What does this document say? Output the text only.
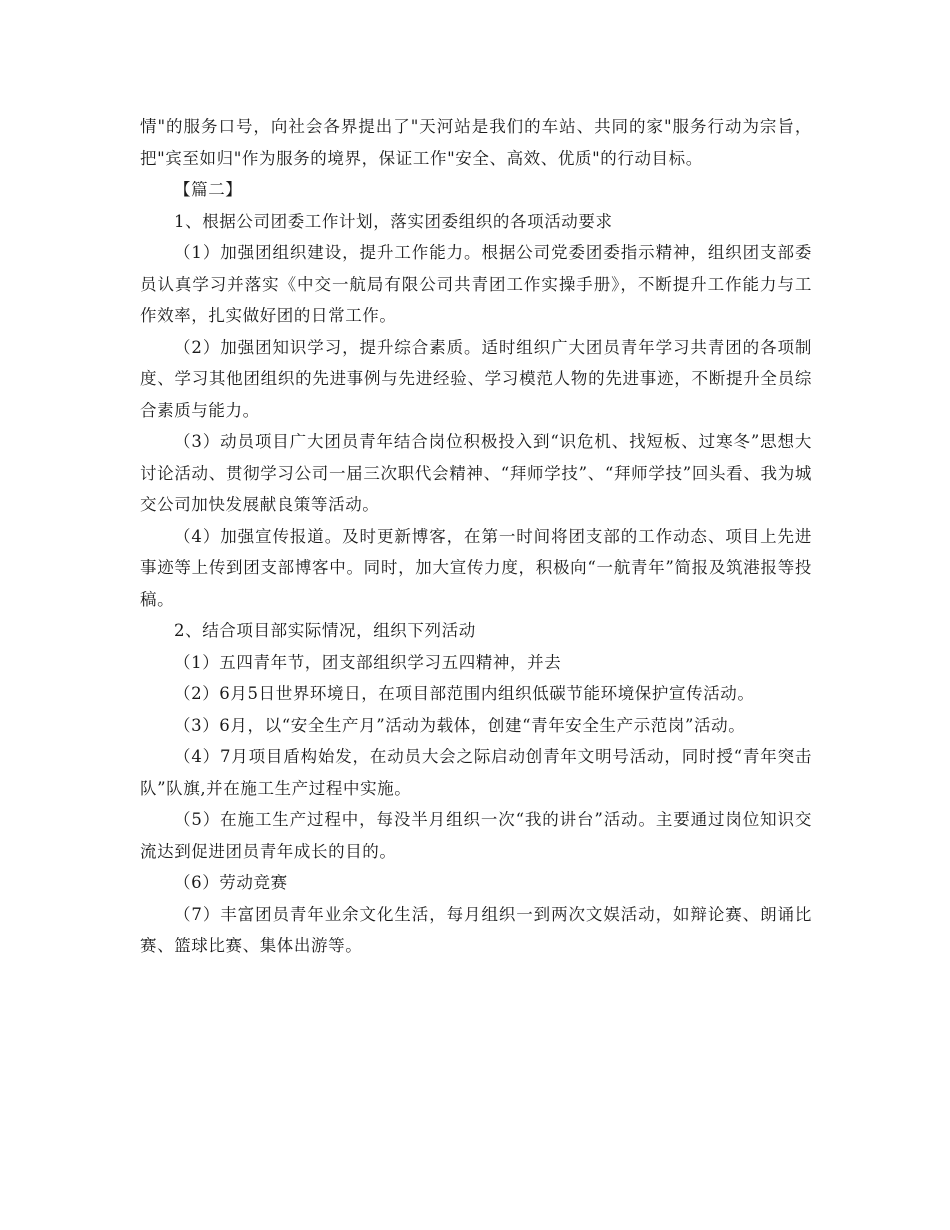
情"的服务口号，向社会各界提出了"天河站是我们的车站、共同的家"服务行动为宗旨，把"宾至如归"作为服务的境界，保证工作"安全、高效、优质"的行动目标。

【篇二】

1、根据公司团委工作计划，落实团委组织的各项活动要求

（1）加强团组织建设，提升工作能力。根据公司党委团委指示精神，组织团支部委员认真学习并落实《中交一航局有限公司共青团工作实操手册》，不断提升工作能力与工作效率，扎实做好团的日常工作。

（2）加强团知识学习，提升综合素质。适时组织广大团员青年学习共青团的各项制度、学习其他团组织的先进事例与先进经验、学习模范人物的先进事迹，不断提升全员综合素质与能力。

（3）动员项目广大团员青年结合岗位积极投入到“识危机、找短板、过寒冬”思想大讨论活动、贯彻学习公司一届三次职代会精神、“拜师学技”、“拜师学技”回头看、我为城交公司加快发展献良策等活动。

（4）加强宣传报道。及时更新博客，在第一时间将团支部的工作动态、项目上先进事迹等上传到团支部博客中。同时，加大宣传力度，积极向“一航青年”简报及筑港报等投稿。

2、结合项目部实际情况，组织下列活动

（1）五四青年节，团支部组织学习五四精神，并去

（2）6月5日世界环境日，在项目部范围内组织低碳节能环境保护宣传活动。

（3）6月，以“安全生产月”活动为载体，创建“青年安全生产示范岗”活动。

（4）7月项目盾构始发，在动员大会之际启动创青年文明号活动，同时授“青年突击队”队旗,并在施工生产过程中实施。

（5）在施工生产过程中，每没半月组织一次“我的讲台”活动。主要通过岗位知识交流达到促进团员青年成长的目的。

（6）劳动竞赛

（7）丰富团员青年业余文化生活，每月组织一到两次文娱活动，如辩论赛、朗诵比赛、篮球比赛、集体出游等。
